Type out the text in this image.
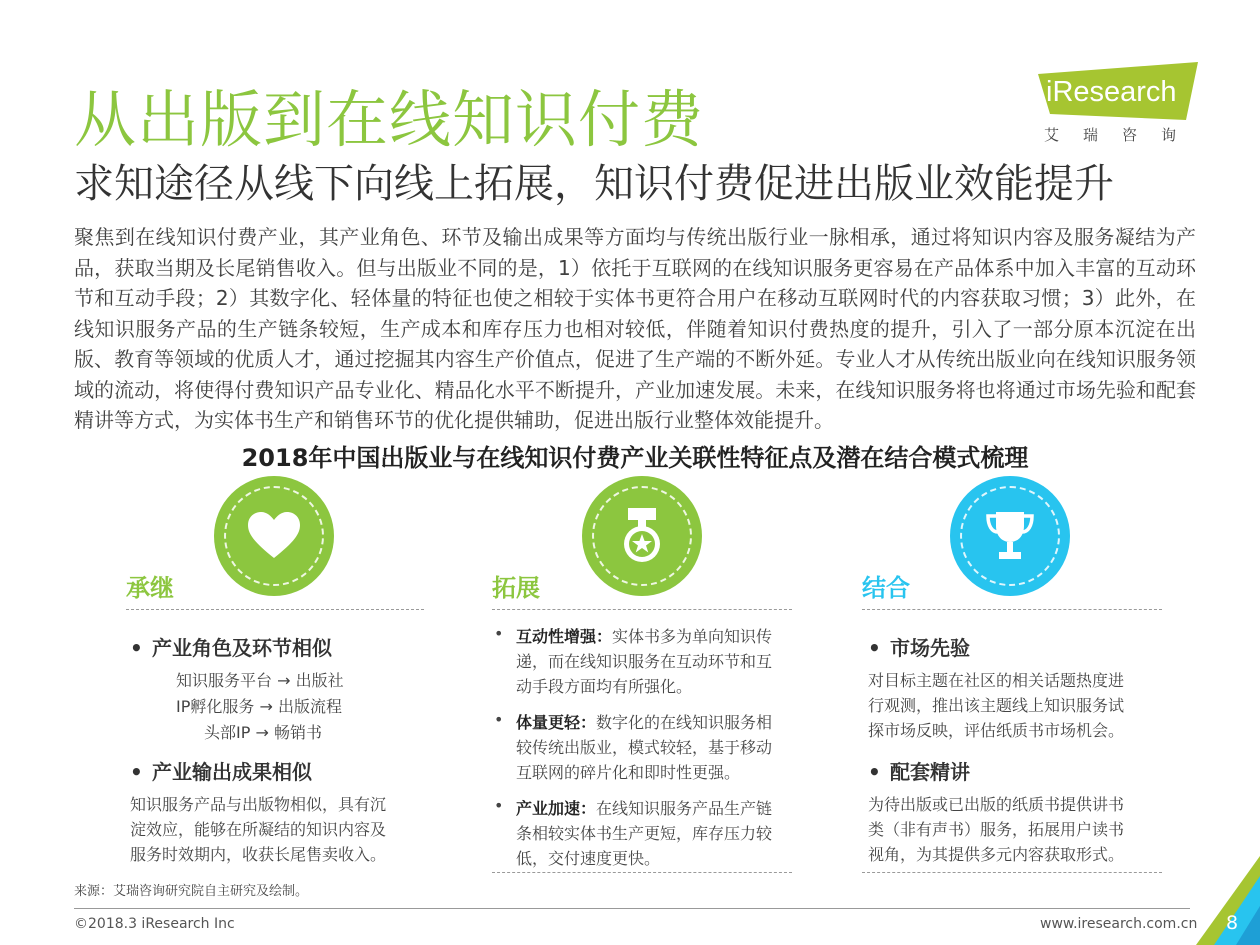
从出版到在线知识付费
求知途径从线下向线上拓展，知识付费促进出版业效能提升
iResearch
艾瑞咨询
聚焦到在线知识付费产业，其产业角色、环节及输出成果等方面均与传统出版行业一脉相承，通过将知识内容及服务凝结为产品，获取当期及长尾销售收入。但与出版业不同的是，1）依托于互联网的在线知识服务更容易在产品体系中加入丰富的互动环节和互动手段；2）其数字化、轻体量的特征也使之相较于实体书更符合用户在移动互联网时代的内容获取习惯；3）此外，在线知识服务产品的生产链条较短，生产成本和库存压力也相对较低，伴随着知识付费热度的提升，引入了一部分原本沉淀在出版、教育等领域的优质人才，通过挖掘其内容生产价值点，促进了生产端的不断外延。专业人才从传统出版业向在线知识服务领域的流动，将使得付费知识产品专业化、精品化水平不断提升，产业加速发展。未来，在线知识服务将也将通过市场先验和配套精讲等方式，为实体书生产和销售环节的优化提供辅助，促进出版行业整体效能提升。
2018年中国出版业与在线知识付费产业关联性特征点及潜在结合模式梳理
承继
• 产业角色及环节相似
知识服务平台 → 出版社
IP孵化服务 → 出版流程
头部IP → 畅销书
• 产业输出成果相似
知识服务产品与出版物相似，具有沉
淀效应，能够在所凝结的知识内容及
服务时效期内，收获长尾售卖收入。
拓展
• 互动性增强：实体书多为单向知识传
递，而在线知识服务在互动环节和互
动手段方面均有所强化。
• 体量更轻：数字化的在线知识服务相
较传统出版业，模式较轻，基于移动
互联网的碎片化和即时性更强。
• 产业加速：在线知识服务产品生产链
条相较实体书生产更短，库存压力较
低，交付速度更快。
结合
• 市场先验
对目标主题在社区的相关话题热度进
行观测，推出该主题线上知识服务试
探市场反映，评估纸质书市场机会。
• 配套精讲
为待出版或已出版的纸质书提供讲书
类（非有声书）服务，拓展用户读书
视角，为其提供多元内容获取形式。
来源：艾瑞咨询研究院自主研究及绘制。
©2018.3 iResearch Inc	www.iresearch.com.cn 8
